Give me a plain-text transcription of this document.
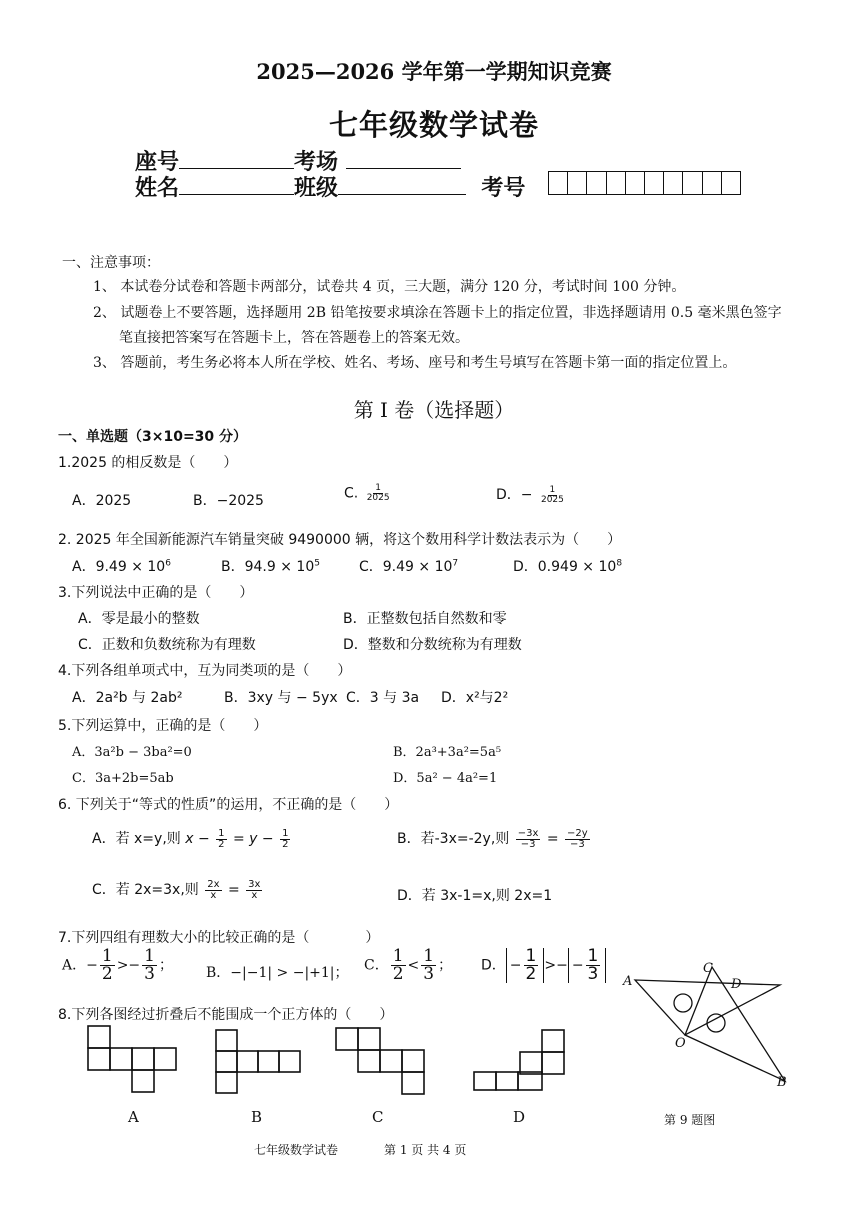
2025—2026 学年第一学期知识竞赛
七年级数学试卷
座号	考场
姓名	班级	考号
一、注意事项：
1、 本试卷分试卷和答题卡两部分，试卷共 4 页，三大题，满分 120 分，考试时间 100 分钟。
2、 试题卷上不要答题，选择题用 2B 铅笔按要求填涂在答题卡上的指定位置，非选择题请用 0.5 毫米黑色签字
笔直接把答案写在答题卡上，答在答题卷上的答案无效。
3、 答题前，考生务必将本人所在学校、姓名、考场、座号和考生号填写在答题卡第一面的指定位置上。
第 I 卷（选择题）
一、单选题（3×10=30 分）
1.2025 的相反数是（　　）
A．2025	B．−2025	C. $\frac{1}{2025}$	D．− $\frac{1}{2025}$
2. 2025 年全国新能源汽车销量突破 9490000 辆，将这个数用科学计数法表示为（　　）
A．$9.49 \times 10^6$	B．$94.9 \times 10^5$	C．$9.49 \times 10^7$	D．$0.949 \times 10^8$
3.下列说法中正确的是（　　）
A．零是最小的整数	B．正整数包括自然数和零
C．正数和负数统称为有理数	D．整数和分数统称为有理数
4.下列各组单项式中，互为同类项的是（　　）
A．2a²b 与 2ab²	B．3xy 与 − 5yx C．3 与 3a D．x²与2²
5.下列运算中，正确的是（　　）
A．3a²b − 3ba²=0	B．2a³+3a²=5a⁵
C．3a+2b=5ab	D．5a² − 4a²=1
6. 下列关于“等式的性质”的运用，不正确的是（　　）
A．若 x=y,则 $x - \frac{1}{2} = y - \frac{1}{2}$	B．若-3x=-2y,则 $\frac{-3x}{-3} = \frac{-2y}{-3}$
C．若 2x=3x,则 $\frac{2x}{x} = \frac{3x}{x}$	D．若 3x-1=x,则 2x=1
7.下列四组有理数大小的比较正确的是（　　　　）
A．− $\frac{1}{2} >- \frac{1}{3}$ ； B．−|−1| > −|+1|； C． $\frac{1}{2} < \frac{1}{3}$ ； D． − $\frac{1}{2}$ >− − $\frac{1}{3}$
8.下列各图经过折叠后不能围成一个正方体的（　　）
A	B	C	D
A
C
D
O
B
第 9 题图
七年级数学试卷	第 1 页 共 4 页
